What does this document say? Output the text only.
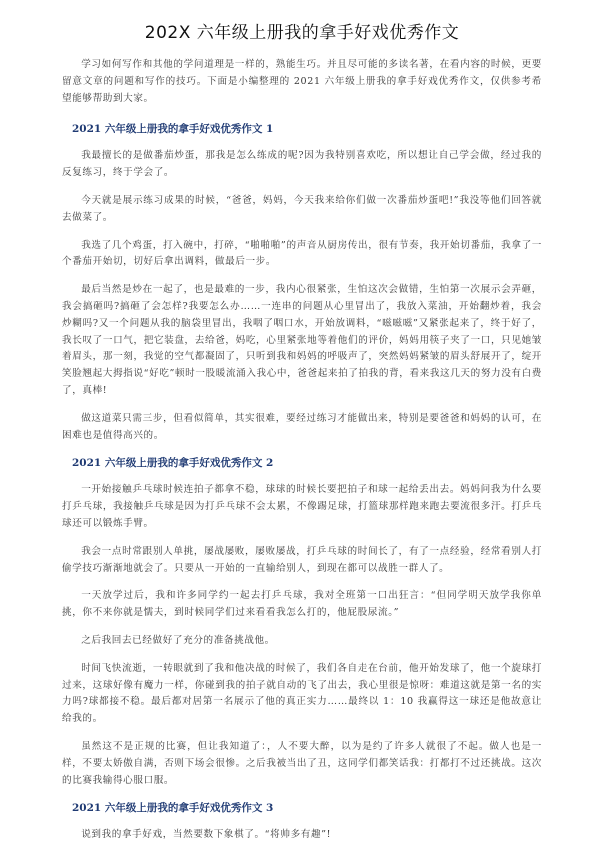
202X 六年级上册我的拿手好戏优秀作文

学习如何写作和其他的学问道理是一样的，熟能生巧。并且尽可能的多读名著，在看内容的时候，更要留意文章的问题和写作的技巧。下面是小编整理的 2021 六年级上册我的拿手好戏优秀作文，仅供参考希望能够帮助到大家。

2021 六年级上册我的拿手好戏优秀作文 1

我最擅长的是做番茄炒蛋，那我是怎么练成的呢?因为我特别喜欢吃，所以想让自己学会做，经过我的反复练习，终于学会了。

今天就是展示练习成果的时候，“爸爸，妈妈，今天我来给你们做一次番茄炒蛋吧!”我没等他们回答就去做菜了。

我选了几个鸡蛋，打入碗中，打碎，“啪啪啪”的声音从厨房传出，很有节奏，我开始切番茄，我拿了一个番茄开始切，切好后拿出调料，做最后一步。

最后当然是炒在一起了，也是最难的一步，我内心很紧张，生怕这次会做错，生怕第一次展示会弄砸，我会搞砸吗?搞砸了会怎样?我要怎么办……一连串的问题从心里冒出了，我放入菜油，开始翻炒着，我会炒糊吗?又一个问题从我的脑袋里冒出，我咽了咽口水，开始放调料，“嗞嗞嗞”又紧张起来了，终于好了，我长叹了一口气，把它装盘，去给爸，妈吃，心里紧张地等着他们的评价，妈妈用筷子夹了一口，只见她皱着眉头，那一刻，我觉的空气都凝固了，只听到我和妈妈的呼吸声了，突然妈妈紧皱的眉头舒展开了，绽开笑脸翘起大拇指说“好吃”顿时一股暖流涌入我心中，爸爸起来拍了拍我的背，看来我这几天的努力没有白费了，真棒!

做这道菜只需三步，但看似简单，其实很难，要经过练习才能做出来，特别是要爸爸和妈妈的认可，在困难也是值得高兴的。

2021 六年级上册我的拿手好戏优秀作文 2

一开始接触乒乓球时候连拍子都拿不稳，球球的时候长要把拍子和球一起给丢出去。妈妈问我为什么要打乒乓球，我接触乒乓球是因为打乒乓球不会太累，不像踢足球，打篮球那样跑来跑去要流很多汗。打乒乓球还可以锻炼手臂。

我会一点时常跟别人单挑，屡战屡败，屡败屡战，打乒乓球的时间长了，有了一点经验，经常看别人打偷学技巧渐渐地就会了。只要从一开始的一直输给别人，到现在都可以战胜一群人了。

一天放学过后，我和许多同学约一起去打乒乓球，我对全班第一口出狂言：“但同学明天放学我你单挑，你不来你就是懦夫，到时候同学们过来看看我怎么打的，他屁股尿流。”

之后我回去已经做好了充分的准备挑战他。

时间飞快流逝，一转眼就到了我和他决战的时候了，我们各自走在台前，他开始发球了，他一个旋球打过来，这球好像有魔力一样，你碰到我的拍子就自动的飞了出去，我心里很是惊呀：难道这就是第一名的实力吗?球都接不稳。最后都对居第一名展示了他的真正实力……最终以 1：10 我赢得这一球还是他故意让给我的。

虽然这不是正规的比赛，但让我知道了：，人不要大醉，以为是约了许多人就很了不起。做人也是一样，不要太娇傲自满，否则下场会很惨。之后我被当出了丑，这同学们都笑话我：打都打不过还挑战。这次的比赛我输得心服口服。

2021 六年级上册我的拿手好戏优秀作文 3

说到我的拿手好戏，当然要数下象棋了。“将帅多有趣”!
